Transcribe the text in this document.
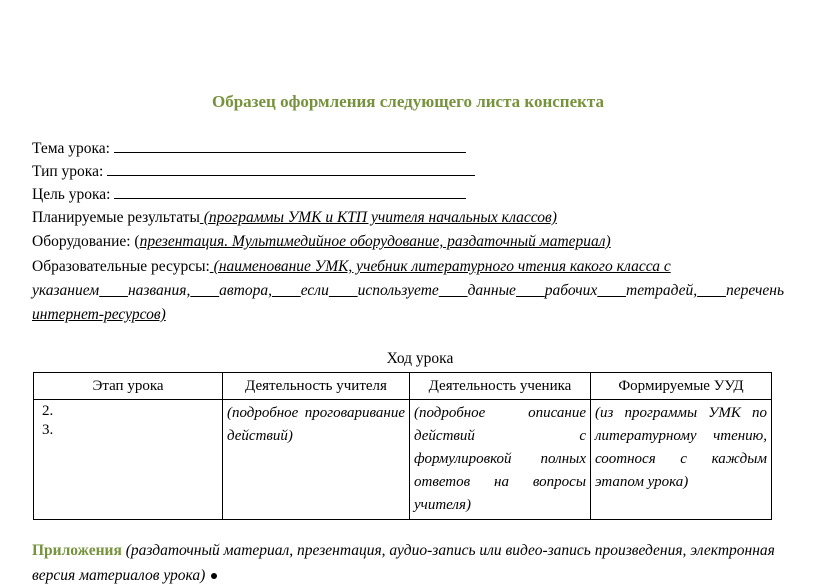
Образец оформления следующего листа конспекта
Тема урока:
Тип урока:
Цель урока:
Планируемые результаты (программы УМК и КТП учителя начальных классов)
Оборудование: (презентация. Мультимедийное оборудование, раздаточный материал)
Образовательные ресурсы: (наименование УМК, учебник литературного чтения какого класса с
указанием названия, автора, если используете данные рабочих тетрадей, перечень
интернет-ресурсов)
Ход урока
Этап урока	Деятельность учителя	Деятельность ученика	Формируемые УУД

2.
3.	(подробное проговаривание действий)	(подробное описание действий с формулировкой полных ответов на вопросы учителя)	(из программы УМК по литературному чтению, соотнося с каждым этапом урока)
Приложения (раздаточный материал, презентация, аудио-запись или видео-запись произведения, электронная версия материалов урока)
